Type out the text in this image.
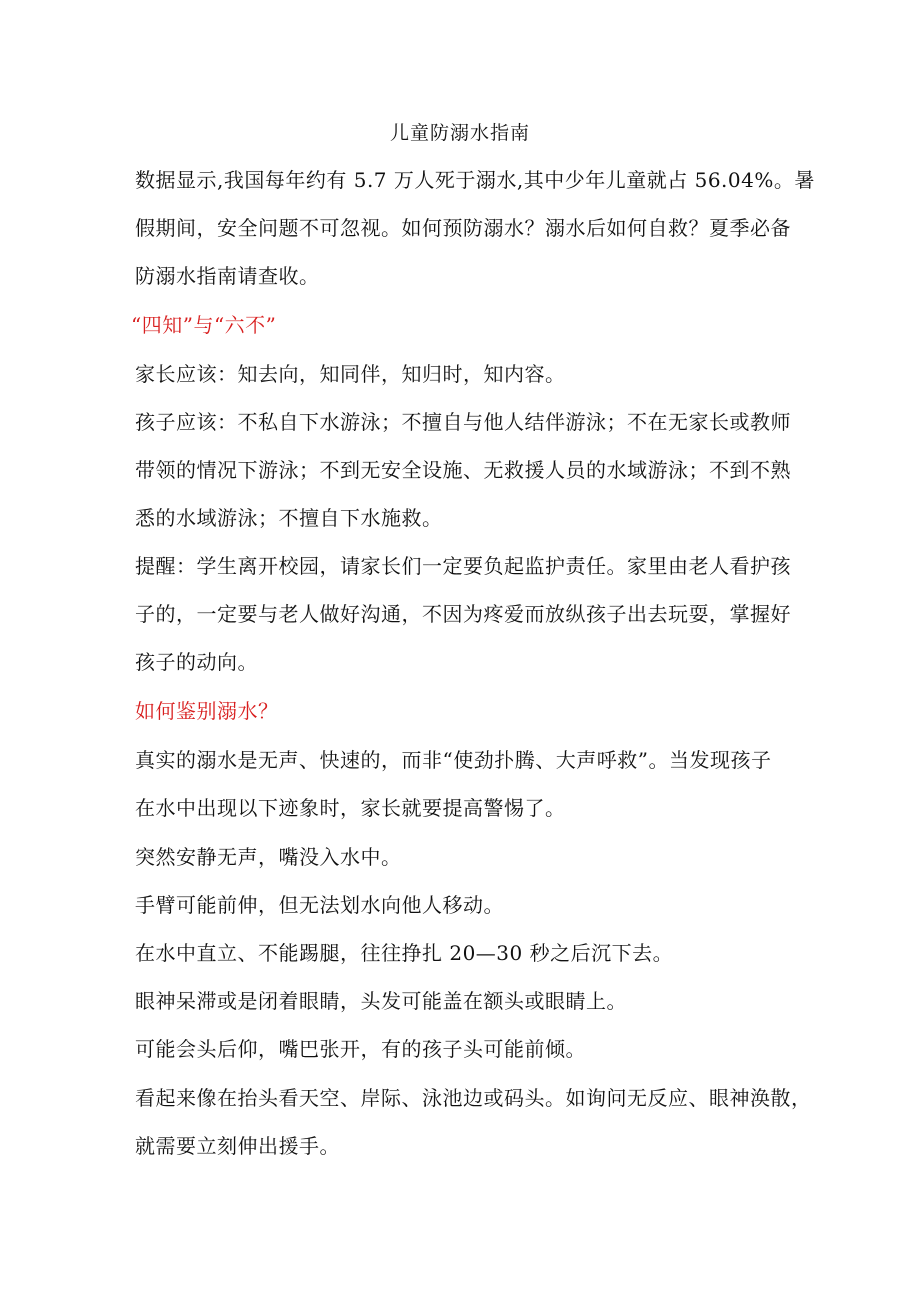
儿童防溺水指南
数据显示,我国每年约有 5.7 万人死于溺水,其中少年儿童就占 56.04%。暑
假期间，安全问题不可忽视。如何预防溺水？溺水后如何自救？夏季必备
防溺水指南请查收。
“四知”与“六不”
家长应该：知去向，知同伴，知归时，知内容。
孩子应该：不私自下水游泳；不擅自与他人结伴游泳；不在无家长或教师
带领的情况下游泳；不到无安全设施、无救援人员的水域游泳；不到不熟
悉的水域游泳；不擅自下水施救。
提醒：学生离开校园，请家长们一定要负起监护责任。家里由老人看护孩
子的，一定要与老人做好沟通，不因为疼爱而放纵孩子出去玩耍，掌握好
孩子的动向。
如何鉴别溺水？
真实的溺水是无声、快速的，而非“使劲扑腾、大声呼救”。当发现孩子
在水中出现以下迹象时，家长就要提高警惕了。
突然安静无声，嘴没入水中。
手臂可能前伸，但无法划水向他人移动。
在水中直立、不能踢腿，往往挣扎 20—30 秒之后沉下去。
眼神呆滞或是闭着眼睛，头发可能盖在额头或眼睛上。
可能会头后仰，嘴巴张开，有的孩子头可能前倾。
看起来像在抬头看天空、岸际、泳池边或码头。如询问无反应、眼神涣散，
就需要立刻伸出援手。
